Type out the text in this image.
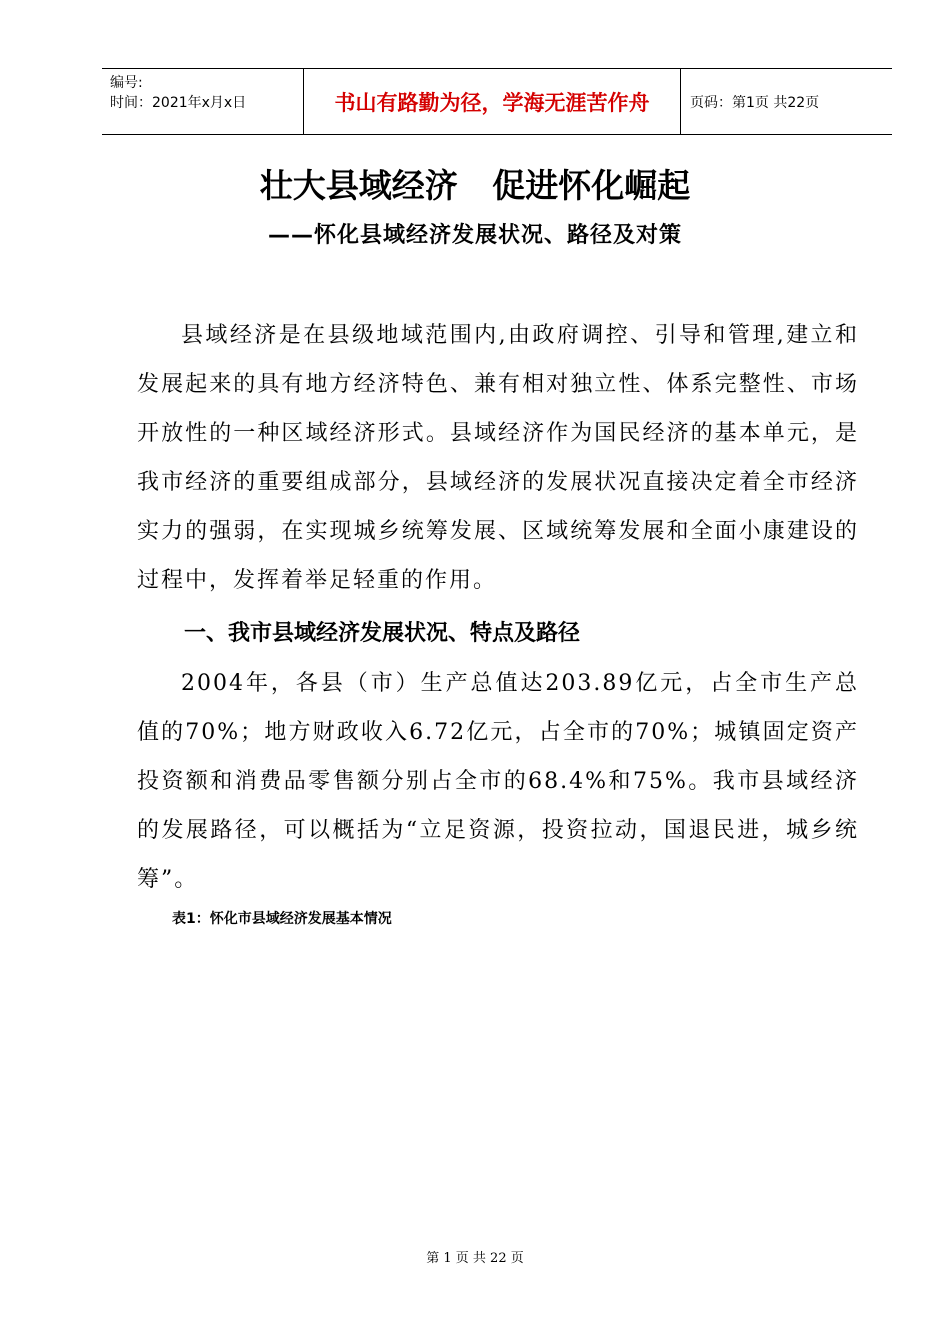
编号:
时间：2021年x月x日	书山有路勤为径，学海无涯苦作舟	页码：第1页 共22页
壮大县域经济   促进怀化崛起
——怀化县域经济发展状况、路径及对策
县域经济是在县级地域范围内,由政府调控、引导和管理,建立和发展起来的具有地方经济特色、兼有相对独立性、体系完整性、市场开放性的一种区域经济形式。县域经济作为国民经济的基本单元，是我市经济的重要组成部分，县域经济的发展状况直接决定着全市经济实力的强弱，在实现城乡统筹发展、区域统筹发展和全面小康建设的过程中，发挥着举足轻重的作用。
一、我市县域经济发展状况、特点及路径
2004年，各县（市）生产总值达203.89亿元，占全市生产总值的70%；地方财政收入6.72亿元，占全市的70%；城镇固定资产投资额和消费品零售额分别占全市的68.4%和75%。我市县域经济的发展路径，可以概括为“立足资源，投资拉动，国退民进，城乡统筹”。
表1：怀化市县域经济发展基本情况
第 1 页 共 22 页
